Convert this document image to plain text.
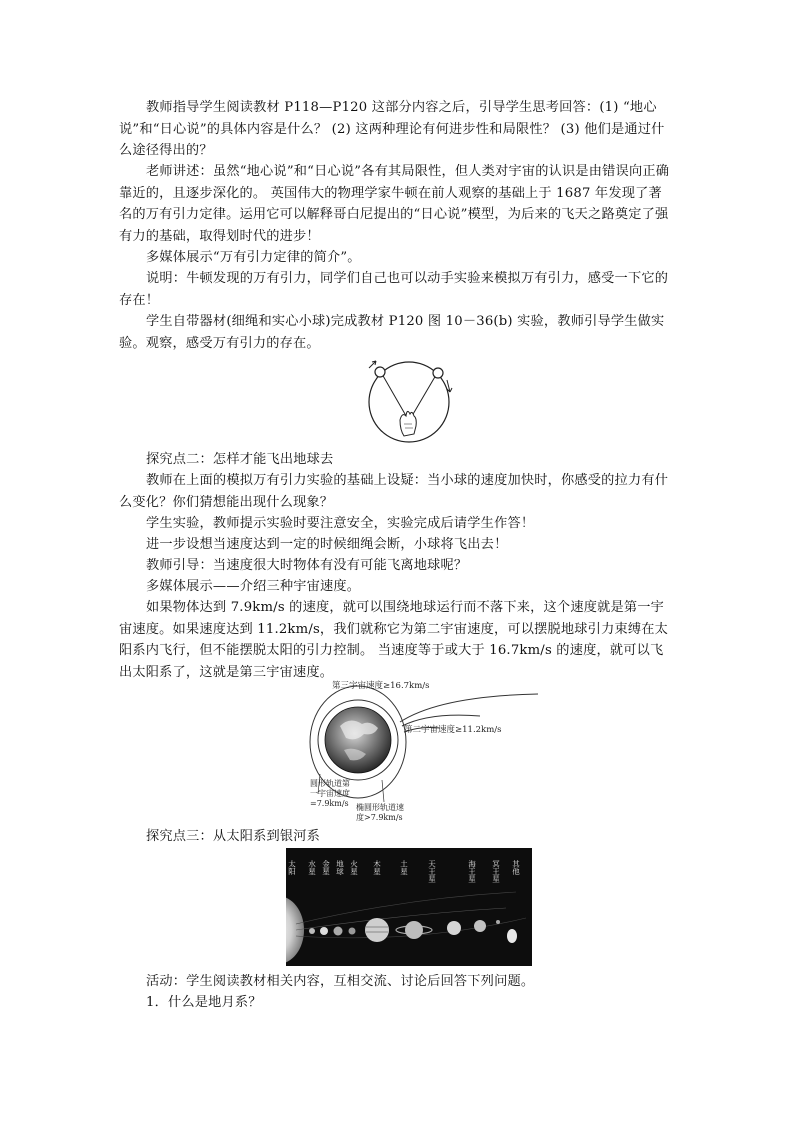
教师指导学生阅读教材 P118—P120 这部分内容之后，引导学生思考回答：(1) “地心说”和“日心说”的具体内容是什么？ (2) 这两种理论有何进步性和局限性？ (3) 他们是通过什么途径得出的？

老师讲述：虽然“地心说”和“日心说”各有其局限性，但人类对宇宙的认识是由错误向正确靠近的，且逐步深化的。 英国伟大的物理学家牛顿在前人观察的基础上于 1687 年发现了著名的万有引力定律。运用它可以解释哥白尼提出的“日心说”模型，为后来的飞天之路奠定了强有力的基础，取得划时代的进步！

多媒体展示“万有引力定律的简介”。

说明：牛顿发现的万有引力，同学们自己也可以动手实验来模拟万有引力，感受一下它的存在！

学生自带器材(细绳和实心小球)完成教材 P120 图 10－36(b) 实验，教师引导学生做实验。观察，感受万有引力的存在。

探究点二：怎样才能飞出地球去

教师在上面的模拟万有引力实验的基础上设疑：当小球的速度加快时，你感受的拉力有什么变化？你们猜想能出现什么现象？

学生实验，教师提示实验时要注意安全，实验完成后请学生作答！

进一步设想当速度达到一定的时候细绳会断，小球将飞出去！

教师引导：当速度很大时物体有没有可能飞离地球呢？

多媒体展示——介绍三种宇宙速度。

如果物体达到 7.9km/s 的速度，就可以围绕地球运行而不落下来，这个速度就是第一宇宙速度。如果速度达到 11.2km/s，我们就称它为第二宇宙速度，可以摆脱地球引力束缚在太阳系内飞行，但不能摆脱太阳的引力控制。 当速度等于或大于 16.7km/s 的速度，就可以飞出太阳系了，这就是第三宇宙速度。

第三宇宙速度≥16.7km/s
第二宇宙速度≥11.2km/s
圆形轨道第
一宇宙速度
=7.9km/s 椭圆形轨道速
度>7.9km/s

探究点三：从太阳系到银河系

太阳 水星 金星 地球 火星 木星 土星	天王星	海王星 冥王星 其他

活动：学生阅读教材相关内容，互相交流、讨论后回答下列问题。

1．什么是地月系？
